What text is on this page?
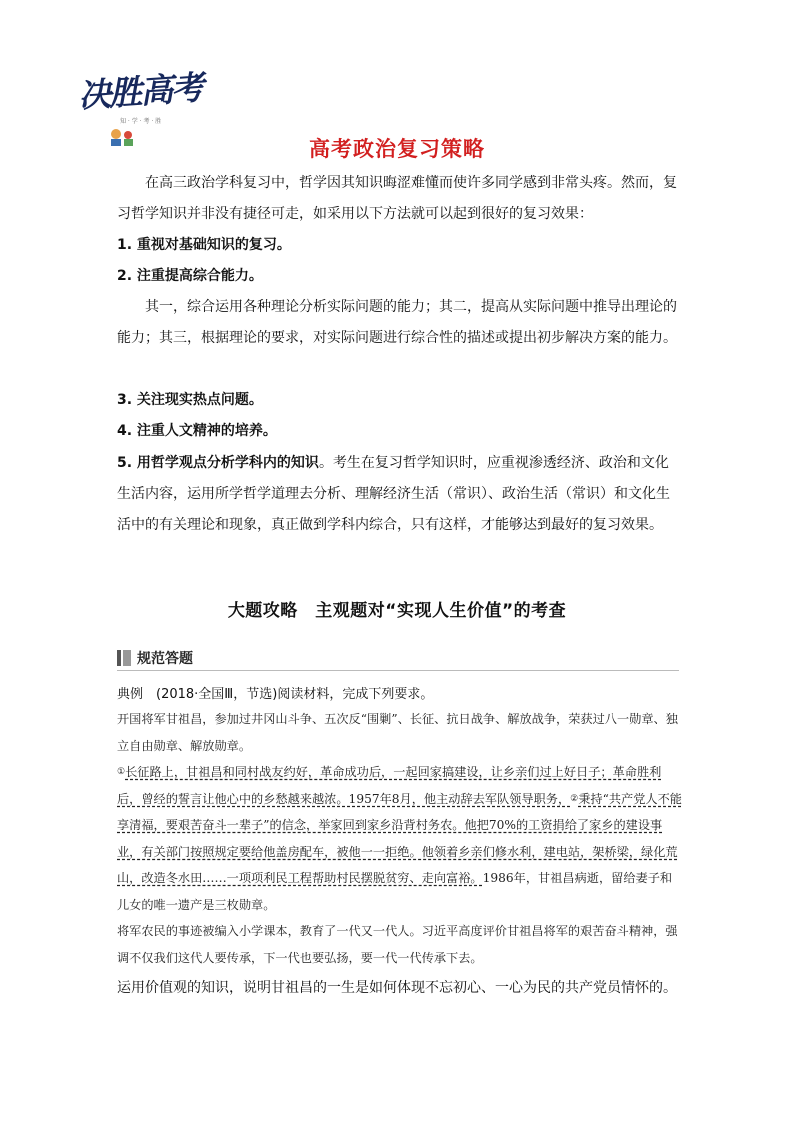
决胜高考
知 · 学 · 考 · 胜
高考政治复习策略
在高三政治学科复习中，哲学因其知识晦涩难懂而使许多同学感到非常头疼。然而，复习哲学知识并非没有捷径可走，如采用以下方法就可以起到很好的复习效果：
1. 重视对基础知识的复习。
2. 注重提高综合能力。
其一，综合运用各种理论分析实际问题的能力；其二，提高从实际问题中推导出理论的能力；其三，根据理论的要求，对实际问题进行综合性的描述或提出初步解决方案的能力。
3. 关注现实热点问题。
4. 注重人文精神的培养。
5. 用哲学观点分析学科内的知识。考生在复习哲学知识时，应重视渗透经济、政治和文化生活内容，运用所学哲学道理去分析、理解经济生活（常识）、政治生活（常识）和文化生活中的有关理论和现象，真正做到学科内综合，只有这样，才能够达到最好的复习效果。
大题攻略　主观题对“实现人生价值”的考查
规范答题
典例　(2018·全国Ⅲ，节选)阅读材料，完成下列要求。
开国将军甘祖昌，参加过井冈山斗争、五次反“围剿”、长征、抗日战争、解放战争，荣获过八一勋章、独立自由勋章、解放勋章。
①长征路上，甘祖昌和同村战友约好，革命成功后，一起回家搞建设，让乡亲们过上好日子；革命胜利后，曾经的誓言让他心中的乡愁越来越浓。1957年8月，他主动辞去军队领导职务，②秉持“共产党人不能享清福，要艰苦奋斗一辈子”的信念，举家回到家乡沿背村务农。他把70%的工资捐给了家乡的建设事业，有关部门按照规定要给他盖房配车，被他一一拒绝。他领着乡亲们修水利，建电站，架桥梁，绿化荒山，改造冬水田……一项项利民工程帮助村民摆脱贫穷、走向富裕。1986年，甘祖昌病逝，留给妻子和儿女的唯一遗产是三枚勋章。
将军农民的事迹被编入小学课本，教育了一代又一代人。习近平高度评价甘祖昌将军的艰苦奋斗精神，强调不仅我们这代人要传承，下一代也要弘扬，要一代一代传承下去。
运用价值观的知识，说明甘祖昌的一生是如何体现不忘初心、一心为民的共产党员情怀的。
